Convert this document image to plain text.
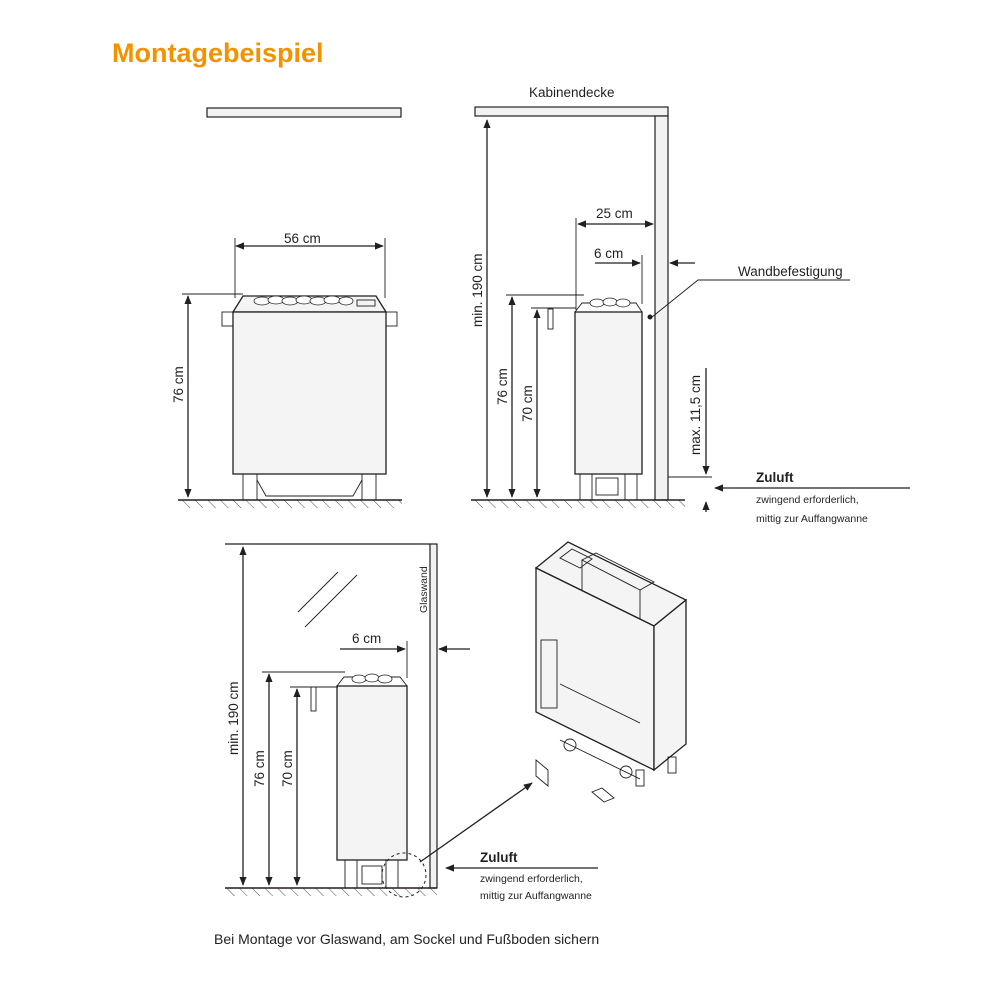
Montagebeispiel
56 cm
76 cm
Kabinendecke
min. 190 cm
76 cm 70 cm
25 cm
6 cm
Wandbefestigung
max. 11,5 cm
Zuluft
zwingend erforderlich,
mittig zur Auffangwanne
Glaswand
min. 190 cm
76 cm 70 cm
6 cm
Zuluft
zwingend erforderlich,
mittig zur Auffangwanne
Bei Montage vor Glaswand, am Sockel und Fußboden sichern
